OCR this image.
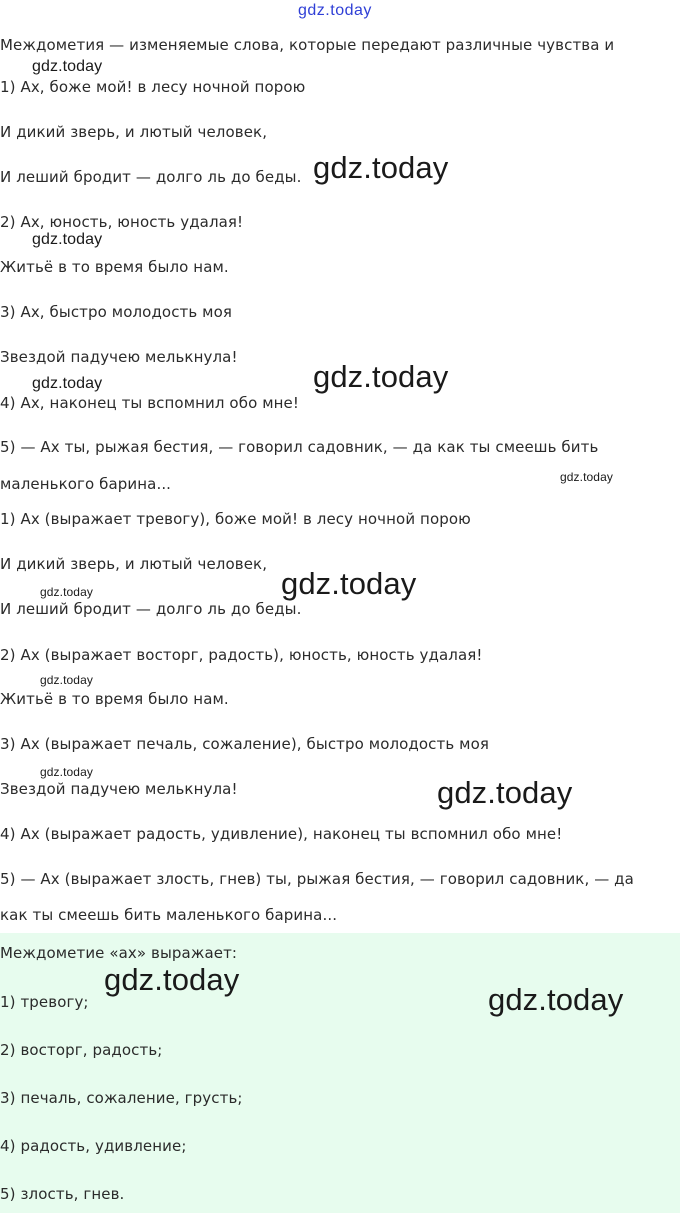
gdz.today
Междометия — изменяемые слова, которые передают различные чувства и
1) Ах, боже мой! в лесу ночной порою
И дикий зверь, и лютый человек,
И леший бродит — долго ль до беды.
2) Ах, юность, юность удалая!
Житьё в то время было нам.
3) Ах, быстро молодость моя
Звездой падучею мелькнула!
4) Ах, наконец ты вспомнил обо мне!
5) — Ах ты, рыжая бестия, — говорил садовник, — да как ты смеешь бить
маленького барина...
1) Ах (выражает тревогу), боже мой! в лесу ночной порою
И дикий зверь, и лютый человек,
И леший бродит — долго ль до беды.
2) Ах (выражает восторг, радость), юность, юность удалая!
Житьё в то время было нам.
3) Ах (выражает печаль, сожаление), быстро молодость моя
Звездой падучею мелькнула!
4) Ах (выражает радость, удивление), наконец ты вспомнил обо мне!
5) — Ах (выражает злость, гнев) ты, рыжая бестия, — говорил садовник, — да
как ты смеешь бить маленького барина...
Междометие «ах» выражает:
1) тревогу;
2) восторг, радость;
3) печаль, сожаление, грусть;
4) радость, удивление;
5) злость, гнев.
gdz.today
gdz.today
gdz.today
gdz.today	gdz.today
gdz.today	gdz.today
gdz.today
gdz.today
gdz.today
gdz.today
gdz.today
gdz.today
